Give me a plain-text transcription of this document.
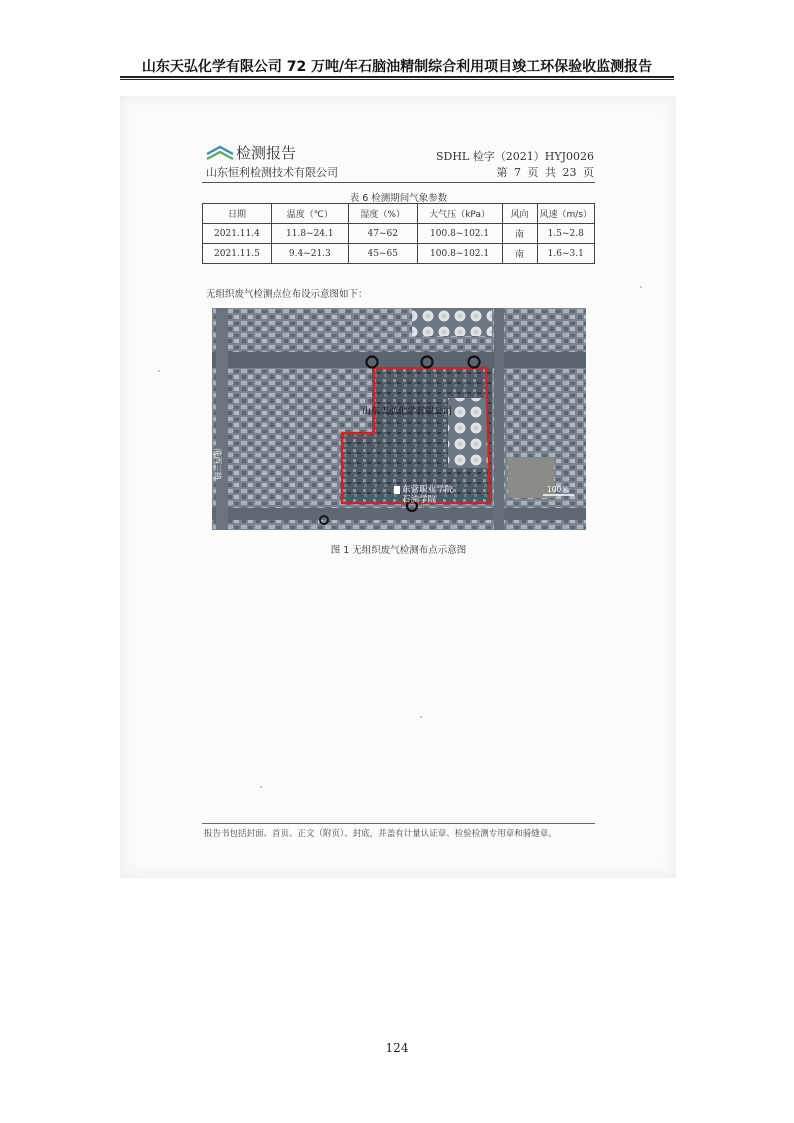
山东天弘化学有限公司 72 万吨/年石脑油精制综合利用项目竣工环保验收监测报告
检测报告
山东恒利检测技术有限公司
SDHL 检字（2021）HYJ0026
第 7 页 共 23 页
表 6 检测期间气象参数
日期	温度（℃）	湿度（%）	大气压（kPa）	风向	风速（m/s）
2021.11.4	11.8~24.1	47~62	100.8~102.1	南	1.5~2.8
2021.11.5	9.4~21.3	45~65	100.8~102.1	南	1.6~3.1
无组织废气检测点位布设示意图如下：
山东天弘化学有限公司
东营职业学院
石油学院
港西三路
100米
图 1 无组织废气检测布点示意图
报告书包括封面、首页、正文（附页）、封底，并盖有计量认证章、检验检测专用章和骑缝章。
124
